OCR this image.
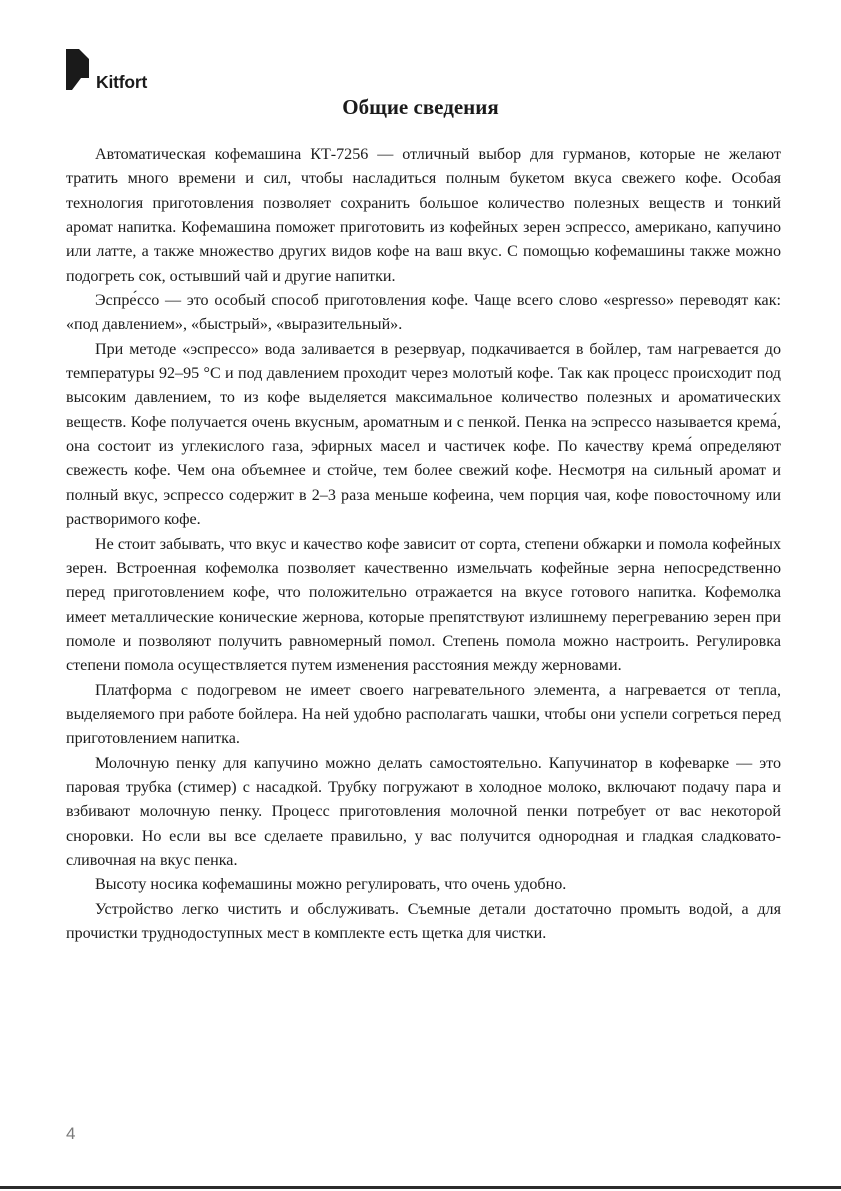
Kitfort
Общие сведения

Автоматическая кофемашина КТ-7256 — отличный выбор для гурманов, которые не желают тратить много времени и сил, чтобы насладиться полным букетом вкуса свежего кофе. Особая технология приготовления позволяет сохранить большое количество полезных веществ и тонкий аромат напитка. Кофемашина поможет приготовить из кофейных зерен эспрессо, американо, капучино или латте, а также множество других видов кофе на ваш вкус. С помощью кофемашины также можно подогреть сок, остывший чай и другие напитки.

Эспре́ссо — это особый способ приготовления кофе. Чаще всего слово «espresso» переводят как: «под давлением», «быстрый», «выразительный».

При методе «эспрессо» вода заливается в резервуар, подкачивается в бойлер, там нагревается до температуры 92–95 °С и под давлением проходит через молотый кофе. Так как процесс происходит под высоким давлением, то из кофе выделяется максимальное количество полезных и ароматических веществ. Кофе получается очень вкусным, ароматным и с пенкой. Пенка на эспрессо называется крема́, она состоит из углекислого газа, эфирных масел и частичек кофе. По качеству крема́ определяют свежесть кофе. Чем она объемнее и стойче, тем более свежий кофе. Несмотря на сильный аромат и полный вкус, эспрессо содержит в 2–3 раза меньше кофеина, чем порция чая, кофе повосточному или растворимого кофе.

Не стоит забывать, что вкус и качество кофе зависит от сорта, степени обжарки и помола кофейных зерен. Встроенная кофемолка позволяет качественно измельчать кофейные зерна непосредственно перед приготовлением кофе, что положительно отражается на вкусе готового напитка. Кофемолка имеет металлические конические жернова, которые препятствуют излишнему перегреванию зерен при помоле и позволяют получить равномерный помол. Степень помола можно настроить. Регулировка степени помола осуществляется путем изменения расстояния между жерновами.

Платформа с подогревом не имеет своего нагревательного элемента, а нагревается от тепла, выделяемого при работе бойлера. На ней удобно располагать чашки, чтобы они успели согреться перед приготовлением напитка.

Молочную пенку для капучино можно делать самостоятельно. Капучинатор в кофеварке — это паровая трубка (стимер) с насадкой. Трубку погружают в холодное молоко, включают подачу пара и взбивают молочную пенку. Процесс приготовления молочной пенки потребует от вас некоторой сноровки. Но если вы все сделаете правильно, у вас получится однородная и гладкая сладковато-сливочная на вкус пенка.

Высоту носика кофемашины можно регулировать, что очень удобно.

Устройство легко чистить и обслуживать. Съемные детали достаточно промыть водой, а для прочистки труднодоступных мест в комплекте есть щетка для чистки.

4
